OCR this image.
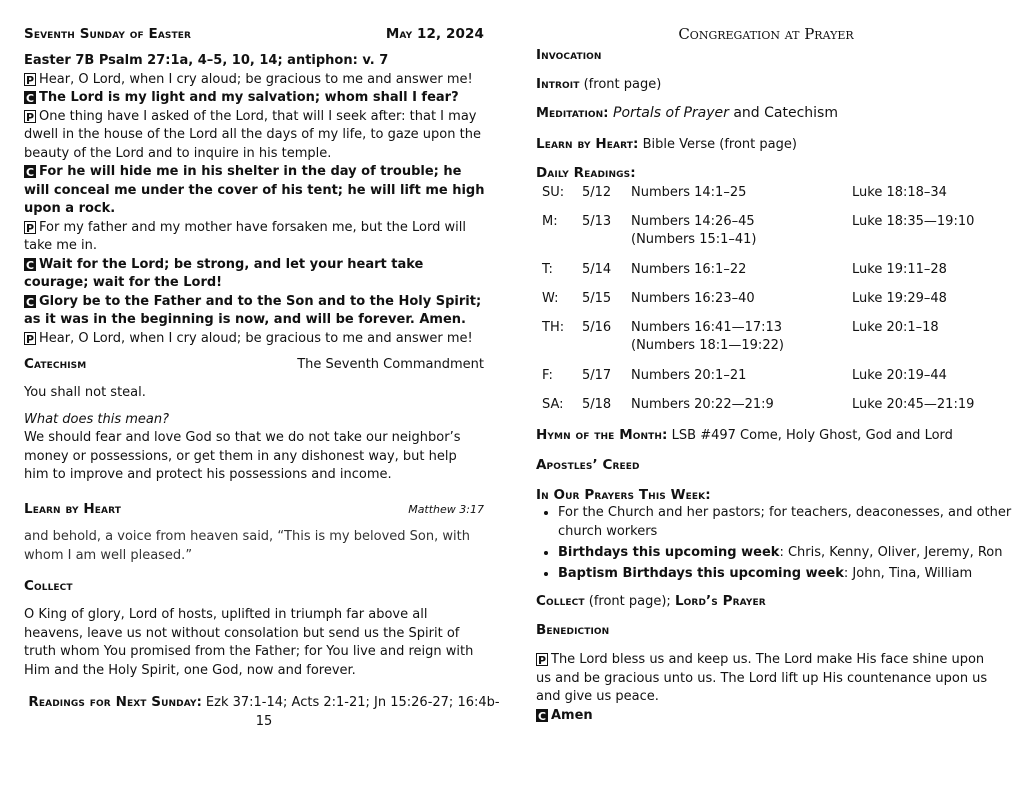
Seventh Sunday of Easter	May 12, 2024
Easter 7B Psalm 27:1a, 4–5, 10, 14; antiphon: v. 7
P Hear, O Lord, when I cry aloud; be gracious to me and answer me!
C The Lord is my light and my salvation; whom shall I fear?
P One thing have I asked of the Lord, that will I seek after: that I may dwell in the house of the Lord all the days of my life, to gaze upon the beauty of the Lord and to inquire in his temple.
C For he will hide me in his shelter in the day of trouble; he will conceal me under the cover of his tent; he will lift me high upon a rock.
P For my father and my mother have forsaken me, but the Lord will take me in.
C Wait for the Lord; be strong, and let your heart take courage; wait for the Lord!
C Glory be to the Father and to the Son and to the Holy Spirit; as it was in the beginning is now, and will be forever. Amen.
P Hear, O Lord, when I cry aloud; be gracious to me and answer me!
Catechism	The Seventh Commandment
You shall not steal.
What does this mean?
We should fear and love God so that we do not take our neighbor’s money or possessions, or get them in any dishonest way, but help him to improve and protect his possessions and income.
Learn by Heart	Matthew 3:17
and behold, a voice from heaven said, “This is my beloved Son, with whom I am well pleased.”
Collect
O King of glory, Lord of hosts, uplifted in triumph far above all heavens, leave us not without consolation but send us the Spirit of truth whom You promised from the Father; for You live and reign with Him and the Holy Spirit, one God, now and forever.
Readings for Next Sunday: Ezk 37:1-14; Acts 2:1-21; Jn 15:26-27; 16:4b-15
Congregation at Prayer
Invocation
Introit (front page)
Meditation: Portals of Prayer and Catechism
Learn by Heart: Bible Verse (front page)
Daily Readings:
SU:	5/12	Numbers 14:1–25	Luke 18:18–34
M:	5/13	Numbers 14:26–45 (Numbers 15:1–41)	Luke 18:35—19:10
T:	5/14	Numbers 16:1–22	Luke 19:11–28
W:	5/15	Numbers 16:23–40	Luke 19:29–48
TH:	5/16	Numbers 16:41—17:13 (Numbers 18:1—19:22)	Luke 20:1–18
F:	5/17	Numbers 20:1–21	Luke 20:19–44
SA:	5/18	Numbers 20:22—21:9	Luke 20:45—21:19
Hymn of the Month: LSB #497 Come, Holy Ghost, God and Lord
Apostles’ Creed
In Our Prayers This Week:
• For the Church and her pastors; for teachers, deaconesses, and other church workers
• Birthdays this upcoming week: Chris, Kenny, Oliver, Jeremy, Ron
• Baptism Birthdays this upcoming week: John, Tina, William
Collect (front page); Lord’s Prayer
Benediction
P The Lord bless us and keep us. The Lord make His face shine upon us and be gracious unto us. The Lord lift up His countenance upon us and give us peace.
C Amen
